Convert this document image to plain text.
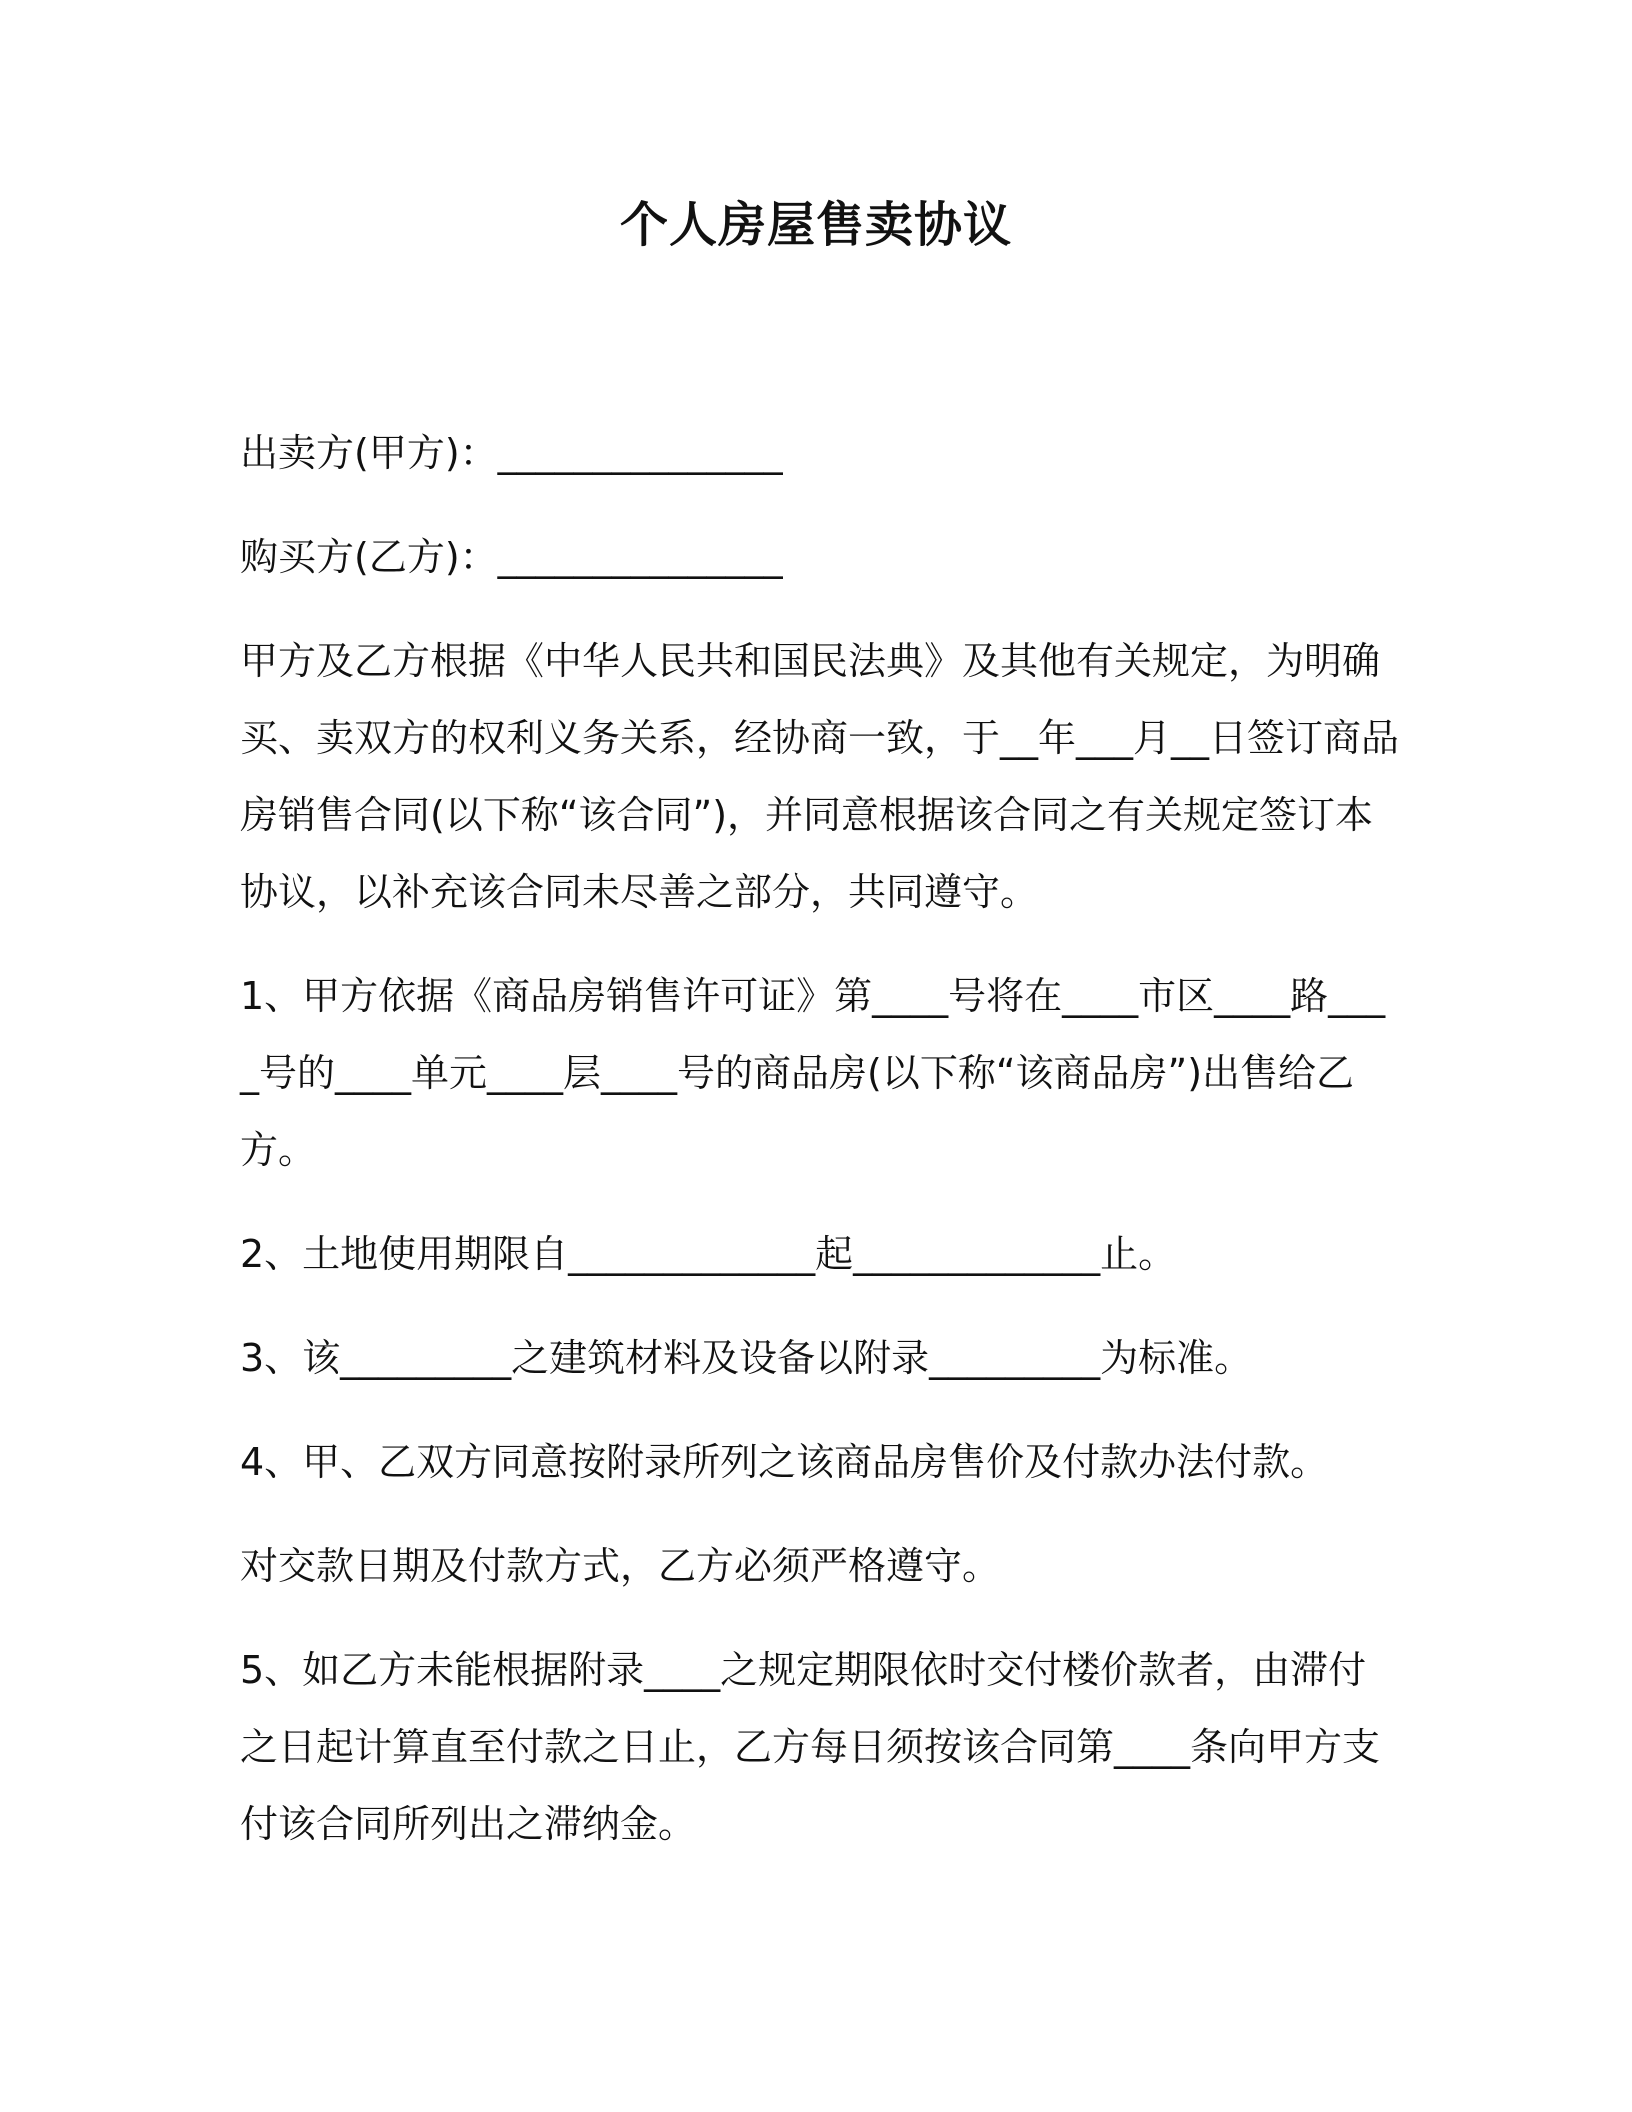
个人房屋售卖协议

出卖方(甲方)：_______________

购买方(乙方)：_______________

甲方及乙方根据《中华人民共和国民法典》及其他有关规定，为明确买、卖双方的权利义务关系，经协商一致，于__年___月__日签订商品房销售合同(以下称“该合同”)，并同意根据该合同之有关规定签订本协议，以补充该合同未尽善之部分，共同遵守。

1、甲方依据《商品房销售许可证》第____号将在____市区____路____号的____单元____层____号的商品房(以下称“该商品房”)出售给乙方。

2、土地使用期限自_____________起_____________止。

3、该_________之建筑材料及设备以附录_________为标准。

4、甲、乙双方同意按附录所列之该商品房售价及付款办法付款。

对交款日期及付款方式，乙方必须严格遵守。

5、如乙方未能根据附录____之规定期限依时交付楼价款者，由滞付之日起计算直至付款之日止，乙方每日须按该合同第____条向甲方支付该合同所列出之滞纳金。
